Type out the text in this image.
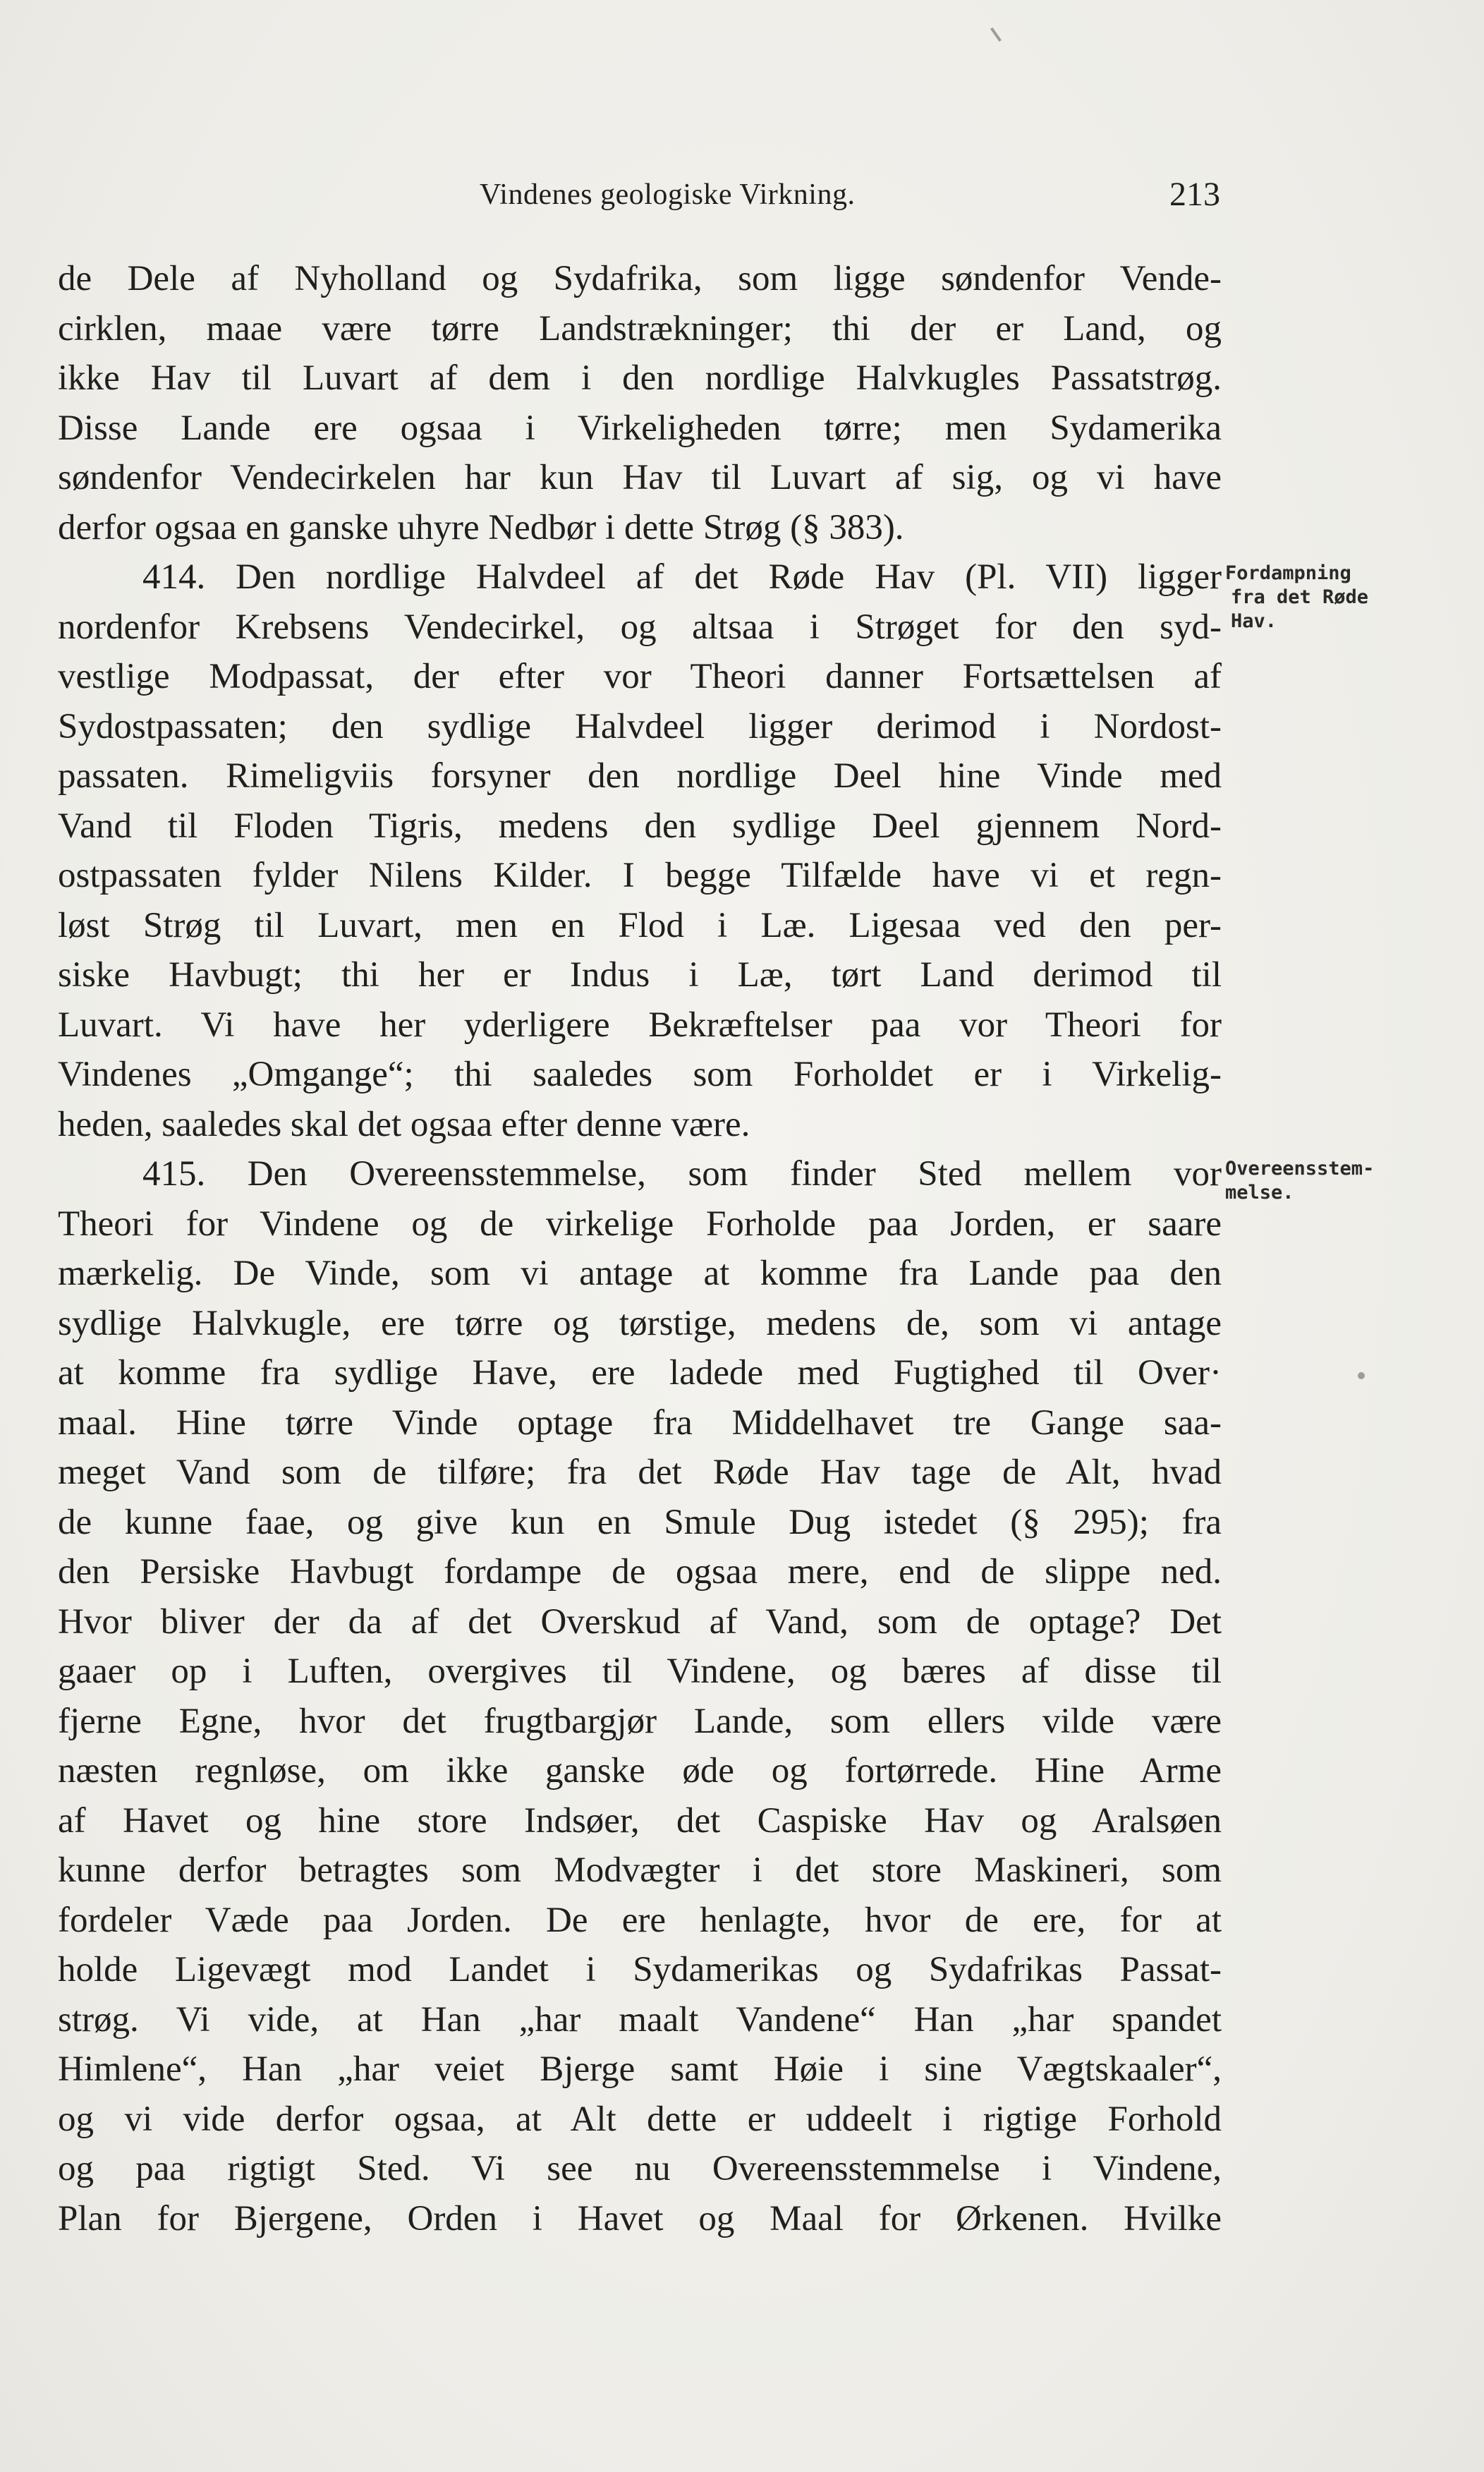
Vindenes geologiske Virkning.	213
de Dele af Nyholland og Sydafrika, som ligge søndenfor Vende-
cirklen, maae være tørre Landstrækninger; thi der er Land, og
ikke Hav til Luvart af dem i den nordlige Halvkugles Passatstrøg.
Disse Lande ere ogsaa i Virkeligheden tørre; men Sydamerika
søndenfor Vendecirkelen har kun Hav til Luvart af sig, og vi have
derfor ogsaa en ganske uhyre Nedbør i dette Strøg (§ 383).
414. Den nordlige Halvdeel af det Røde Hav (Pl. VII) ligger
nordenfor Krebsens Vendecirkel, og altsaa i Strøget for den syd-
vestlige Modpassat, der efter vor Theori danner Fortsættelsen af
Sydostpassaten; den sydlige Halvdeel ligger derimod i Nordost-
passaten. Rimeligviis forsyner den nordlige Deel hine Vinde med
Vand til Floden Tigris, medens den sydlige Deel gjennem Nord-
ostpassaten fylder Nilens Kilder. I begge Tilfælde have vi et regn-
løst Strøg til Luvart, men en Flod i Læ. Ligesaa ved den per-
siske Havbugt; thi her er Indus i Læ, tørt Land derimod til
Luvart. Vi have her yderligere Bekræftelser paa vor Theori for
Vindenes „Omgange“; thi saaledes som Forholdet er i Virkelig-
heden, saaledes skal det ogsaa efter denne være.
415. Den Overeensstemmelse, som finder Sted mellem vor
Theori for Vindene og de virkelige Forholde paa Jorden, er saare
mærkelig. De Vinde, som vi antage at komme fra Lande paa den
sydlige Halvkugle, ere tørre og tørstige, medens de, som vi antage
at komme fra sydlige Have, ere ladede med Fugtighed til Over·
maal. Hine tørre Vinde optage fra Middelhavet tre Gange saa-
meget Vand som de tilføre; fra det Røde Hav tage de Alt, hvad
de kunne faae, og give kun en Smule Dug istedet (§ 295); fra
den Persiske Havbugt fordampe de ogsaa mere, end de slippe ned.
Hvor bliver der da af det Overskud af Vand, som de optage? Det
gaaer op i Luften, overgives til Vindene, og bæres af disse til
fjerne Egne, hvor det frugtbargjør Lande, som ellers vilde være
næsten regnløse, om ikke ganske øde og fortørrede. Hine Arme
af Havet og hine store Indsøer, det Caspiske Hav og Aralsøen
kunne derfor betragtes som Modvægter i det store Maskineri, som
fordeler Væde paa Jorden. De ere henlagte, hvor de ere, for at
holde Ligevægt mod Landet i Sydamerikas og Sydafrikas Passat-
strøg. Vi vide, at Han „har maalt Vandene“ Han „har spandet
Himlene“, Han „har veiet Bjerge samt Høie i sine Vægtskaaler“,
og vi vide derfor ogsaa, at Alt dette er uddeelt i rigtige Forhold
og paa rigtigt Sted. Vi see nu Overeensstemmelse i Vindene,
Plan for Bjergene, Orden i Havet og Maal for Ørkenen. Hvilke
Fordampning
fra det Røde
Hav.
Overeensstem-
melse.
